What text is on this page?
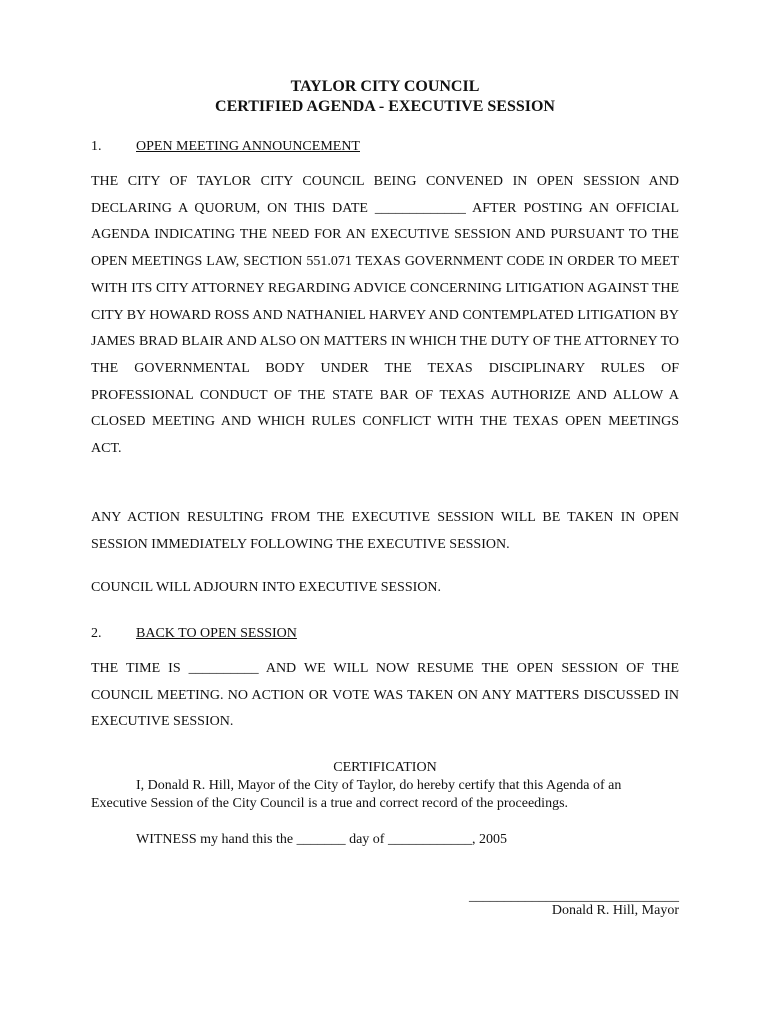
TAYLOR CITY COUNCIL
CERTIFIED AGENDA - EXECUTIVE SESSION
1. OPEN MEETING ANNOUNCEMENT

THE CITY OF TAYLOR CITY COUNCIL BEING CONVENED IN OPEN SESSION AND DECLARING A QUORUM, ON THIS DATE _____________ AFTER POSTING AN OFFICIAL AGENDA INDICATING THE NEED FOR AN EXECUTIVE SESSION AND PURSUANT TO THE OPEN MEETINGS LAW, SECTION 551.071 TEXAS GOVERNMENT CODE IN ORDER TO MEET WITH ITS CITY ATTORNEY REGARDING ADVICE CONCERNING LITIGATION AGAINST THE CITY BY HOWARD ROSS AND NATHANIEL HARVEY AND CONTEMPLATED LITIGATION BY JAMES BRAD BLAIR AND ALSO ON MATTERS IN WHICH THE DUTY OF THE ATTORNEY TO THE GOVERNMENTAL BODY UNDER THE TEXAS DISCIPLINARY RULES OF PROFESSIONAL CONDUCT OF THE STATE BAR OF TEXAS AUTHORIZE AND ALLOW A CLOSED MEETING AND WHICH RULES CONFLICT WITH THE TEXAS OPEN MEETINGS ACT.

ANY ACTION RESULTING FROM THE EXECUTIVE SESSION WILL BE TAKEN IN OPEN SESSION IMMEDIATELY FOLLOWING THE EXECUTIVE SESSION.

COUNCIL WILL ADJOURN INTO EXECUTIVE SESSION.

2. BACK TO OPEN SESSION

THE TIME IS __________ AND WE WILL NOW RESUME THE OPEN SESSION OF THE COUNCIL MEETING. NO ACTION OR VOTE WAS TAKEN ON ANY MATTERS DISCUSSED IN EXECUTIVE SESSION.

CERTIFICATION

I, Donald R. Hill, Mayor of the City of Taylor, do hereby certify that this Agenda of an Executive Session of the City Council is a true and correct record of the proceedings.

WITNESS my hand this the _______ day of ____________, 2005
______________________________
Donald R. Hill, Mayor
